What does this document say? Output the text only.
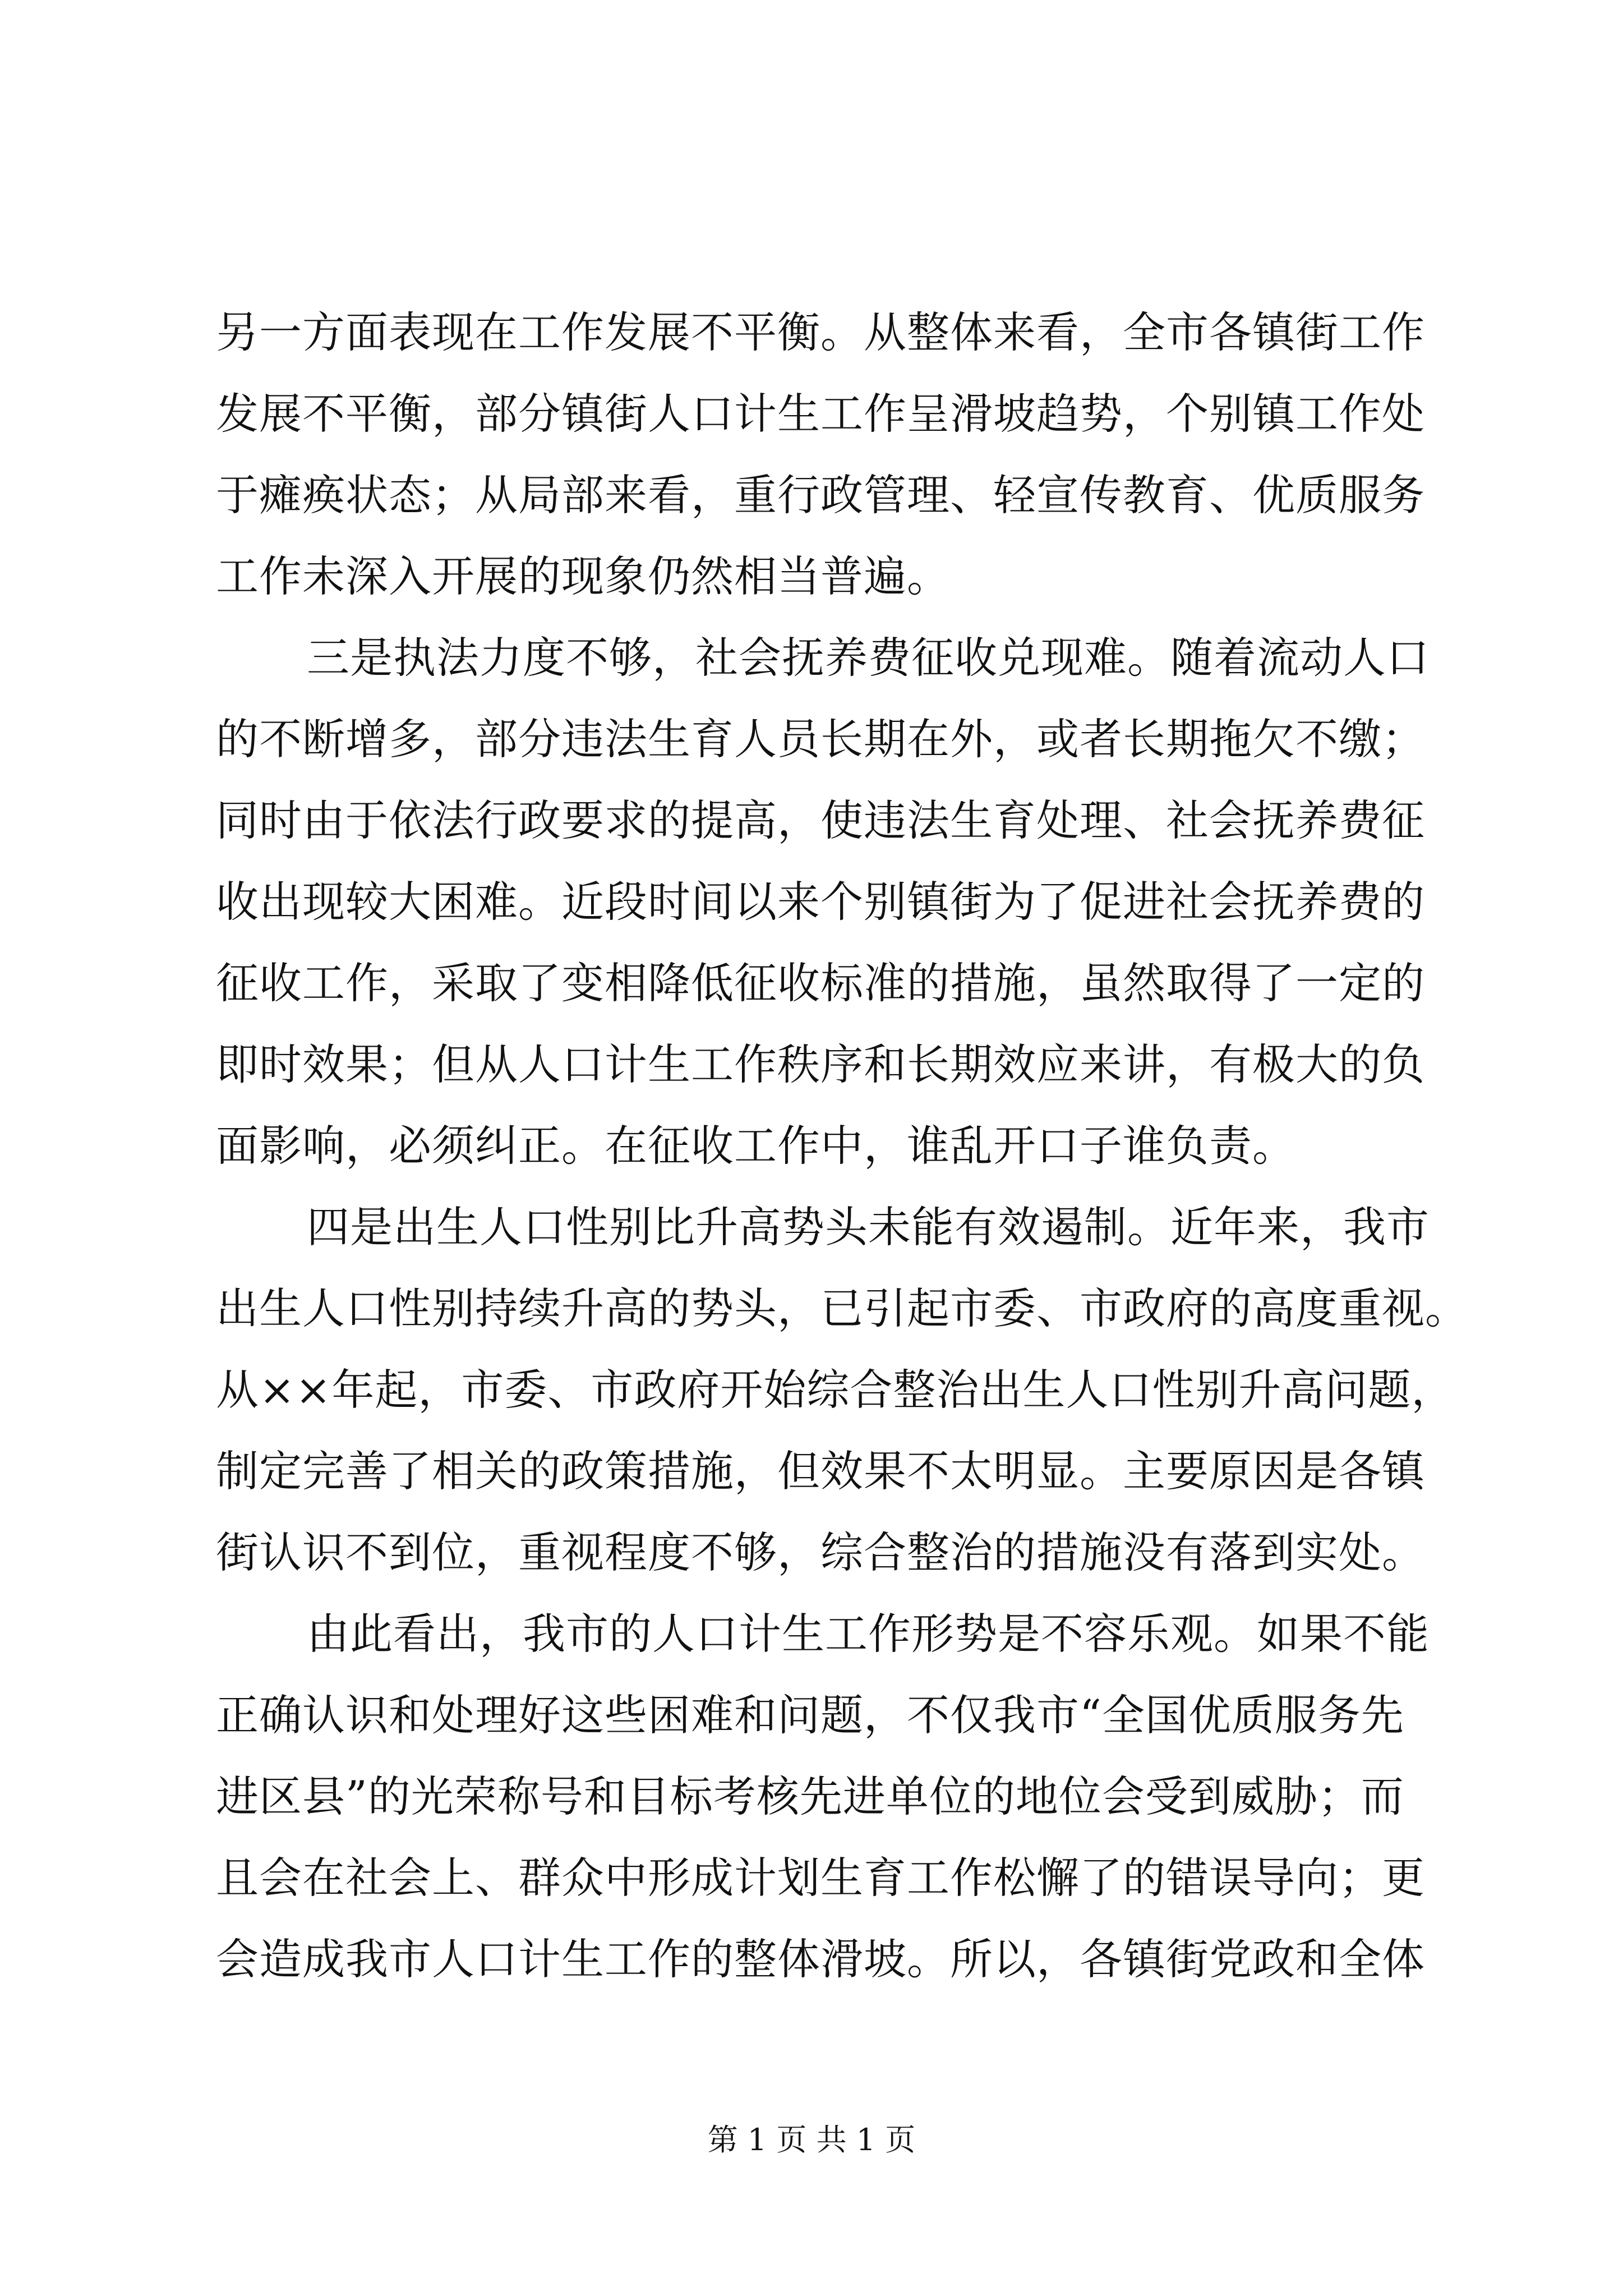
另一方面表现在工作发展不平衡。从整体来看，全市各镇街工作
发展不平衡，部分镇街人口计生工作呈滑坡趋势，个别镇工作处
于瘫痪状态；从局部来看，重行政管理、轻宣传教育、优质服务
工作未深入开展的现象仍然相当普遍。
三是执法力度不够，社会抚养费征收兑现难。随着流动人口
的不断增多，部分违法生育人员长期在外，或者长期拖欠不缴；
同时由于依法行政要求的提高，使违法生育处理、社会抚养费征
收出现较大困难。近段时间以来个别镇街为了促进社会抚养费的
征收工作，采取了变相降低征收标准的措施，虽然取得了一定的
即时效果；但从人口计生工作秩序和长期效应来讲，有极大的负
面影响，必须纠正。在征收工作中，谁乱开口子谁负责。
四是出生人口性别比升高势头未能有效遏制。近年来，我市
出生人口性别持续升高的势头，已引起市委、市政府的高度重视。
从××年起，市委、市政府开始综合整治出生人口性别升高问题，
制定完善了相关的政策措施，但效果不太明显。主要原因是各镇
街认识不到位，重视程度不够，综合整治的措施没有落到实处。
由此看出，我市的人口计生工作形势是不容乐观。如果不能
正确认识和处理好这些困难和问题，不仅我市“全国优质服务先
进区县”的光荣称号和目标考核先进单位的地位会受到威胁；而
且会在社会上、群众中形成计划生育工作松懈了的错误导向；更
会造成我市人口计生工作的整体滑坡。所以，各镇街党政和全体
第 1 页 共 1 页
